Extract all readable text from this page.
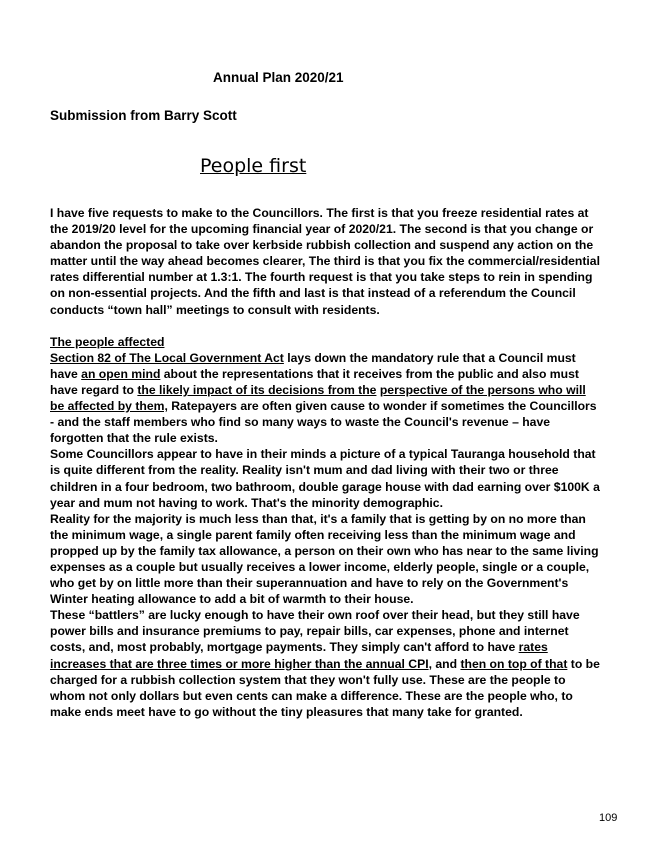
Annual Plan 2020/21
Submission from Barry Scott
People first

I have five requests to make to the Councillors. The first is that you freeze residential rates at the 2019/20 level for the upcoming financial year of 2020/21. The second is that you change or abandon the proposal to take over kerbside rubbish collection and suspend any action on the matter until the way ahead becomes clearer, The third is that you fix the commercial/residential rates differential number at 1.3:1. The fourth request is that you take steps to rein in spending on non-essential projects. And the fifth and last is that instead of a referendum the Council conducts “town hall” meetings to consult with residents.

The people affected

Section 82 of The Local Government Act lays down the mandatory rule that a Council must have an open mind about the representations that it receives from the public and also must have regard to the likely impact of its decisions from the perspective of the persons who will be affected by them, Ratepayers are often given cause to wonder if sometimes the Councillors - and the staff members who find so many ways to waste the Council's revenue – have forgotten that the rule exists.

Some Councillors appear to have in their minds a picture of a typical Tauranga household that is quite different from the reality. Reality isn't mum and dad living with their two or three children in a four bedroom, two bathroom, double garage house with dad earning over $100K a year and mum not having to work. That's the minority demographic.

Reality for the majority is much less than that, it's a family that is getting by on no more than the minimum wage, a single parent family often receiving less than the minimum wage and propped up by the family tax allowance, a person on their own who has near to the same living expenses as a couple but usually receives a lower income, elderly people, single or a couple, who get by on little more than their superannuation and have to rely on the Government's Winter heating allowance to add a bit of warmth to their house.

These “battlers” are lucky enough to have their own roof over their head, but they still have power bills and insurance premiums to pay, repair bills, car expenses, phone and internet costs, and, most probably, mortgage payments. They simply can't afford to have rates increases that are three times or more higher than the annual CPI, and then on top of that to be charged for a rubbish collection system that they won't fully use. These are the people to whom not only dollars but even cents can make a difference. These are the people who, to make ends meet have to go without the tiny pleasures that many take for granted.

109
